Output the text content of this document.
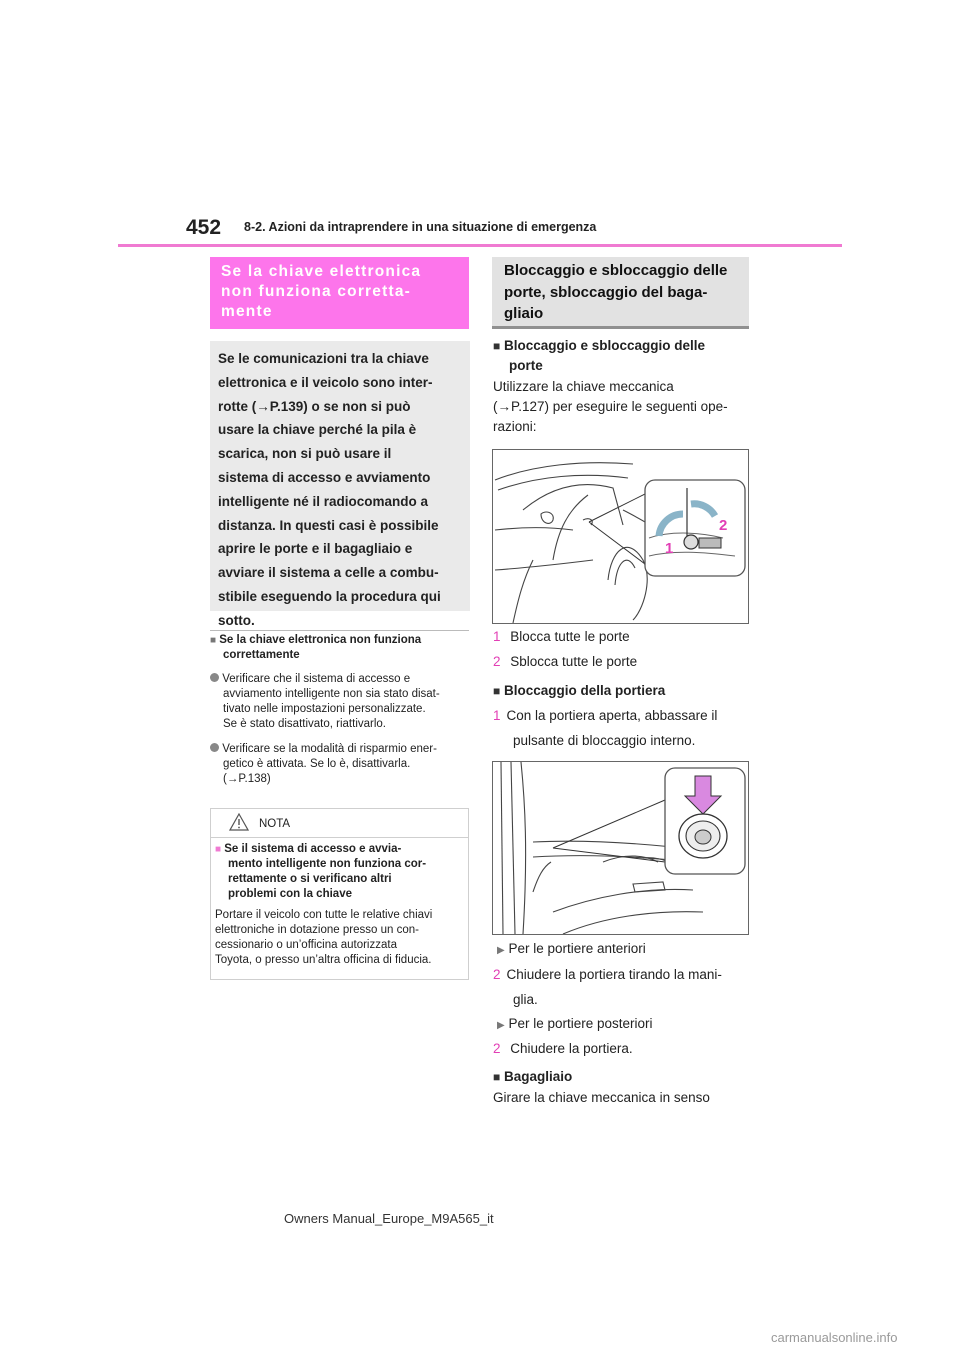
452 8-2. Azioni da intraprendere in una situazione di emergenza
Se la chiave elettronica
non funziona corretta-
mente
Se le comunicazioni tra la chiave
elettronica e il veicolo sono inter-
rotte (→P.139) o se non si può
usare la chiave perché la pila è
scarica, non si può usare il
sistema di accesso e avviamento
intelligente né il radiocomando a
distanza. In questi casi è possibile
aprire le porte e il bagagliaio e
avviare il sistema a celle a combu-
stibile eseguendo la procedura qui
sotto.
■ Se la chiave elettronica non funziona
correttamente
Verificare che il sistema di accesso e
avviamento intelligente non sia stato disat-
tivato nelle impostazioni personalizzate.
Se è stato disattivato, riattivarlo.
Verificare se la modalità di risparmio ener-
getico è attivata. Se lo è, disattivarla.
(→P.138)
NOTA
■ Se il sistema di accesso e avvia-
mento intelligente non funziona cor-
rettamente o si verificano altri
problemi con la chiave
Portare il veicolo con tutte le relative chiavi
elettroniche in dotazione presso un con-
cessionario o un’officina autorizzata
Toyota, o presso un’altra officina di fiducia.
Bloccaggio e sbloccaggio delle
porte, sbloccaggio del baga-
gliaio
■ Bloccaggio e sbloccaggio delle
porte
Utilizzare la chiave meccanica
(→P.127) per eseguire le seguenti ope-
razioni:
2
1
1 Blocca tutte le porte
2 Sblocca tutte le porte
■ Bloccaggio della portiera
1 Con la portiera aperta, abbassare il
pulsante di bloccaggio interno.
▶ Per le portiere anteriori
2 Chiudere la portiera tirando la mani-
glia.
▶ Per le portiere posteriori
2 Chiudere la portiera.
■ Bagagliaio
Girare la chiave meccanica in senso
Owners Manual_Europe_M9A565_it
carmanualsonline.info
